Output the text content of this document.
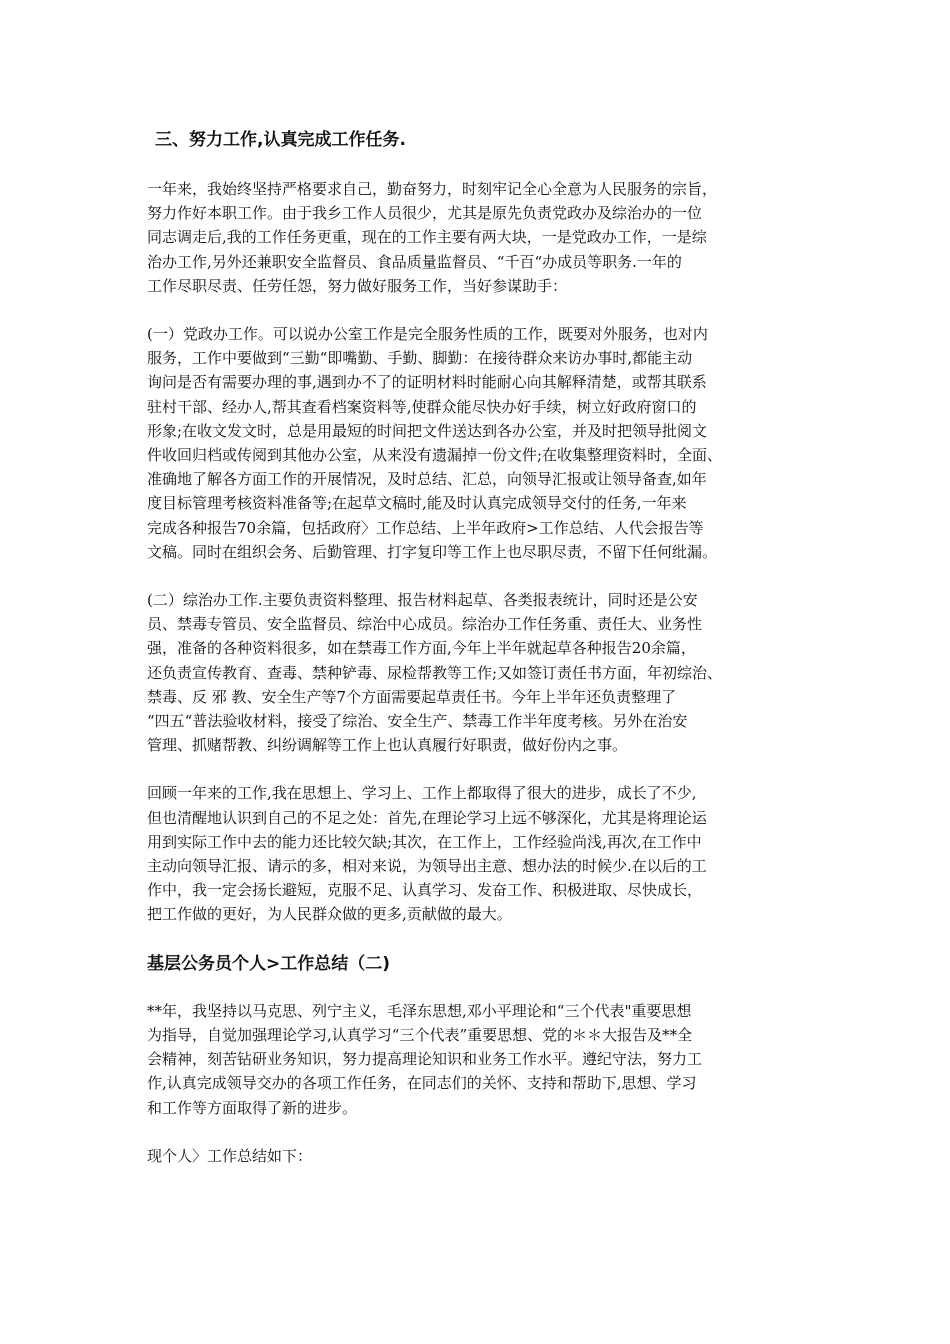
三、努力工作,认真完成工作任务.

一年来，我始终坚持严格要求自己，勤奋努力，时刻牢记全心全意为人民服务的宗旨，
努力作好本职工作。由于我乡工作人员很少，尤其是原先负责党政办及综治办的一位
同志调走后,我的工作任务更重，现在的工作主要有两大块，一是党政办工作，一是综
治办工作,另外还兼职安全监督员、食品质量监督员、“千百“办成员等职务.一年的
工作尽职尽责、任劳任怨，努力做好服务工作，当好参谋助手：

(一）党政办工作。可以说办公室工作是完全服务性质的工作，既要对外服务，也对内
服务，工作中要做到“三勤“即嘴勤、手勤、脚勤：在接待群众来访办事时,都能主动
询问是否有需要办理的事,遇到办不了的证明材料时能耐心向其解释清楚，或帮其联系
驻村干部、经办人,帮其查看档案资料等,使群众能尽快办好手续，树立好政府窗口的
形象;在收文发文时，总是用最短的时间把文件送达到各办公室，并及时把领导批阅文
件收回归档或传阅到其他办公室，从来没有遗漏掉一份文件;在收集整理资料时，全面、
准确地了解各方面工作的开展情况，及时总结、汇总，向领导汇报或让领导备查,如年
度目标管理考核资料准备等;在起草文稿时,能及时认真完成领导交付的任务,一年来
完成各种报告70余篇，包括政府〉工作总结、上半年政府>工作总结、人代会报告等
文稿。同时在组织会务、后勤管理、打字复印等工作上也尽职尽责，不留下任何纰漏。

(二）综治办工作.主要负责资料整理、报告材料起草、各类报表统计，同时还是公安
员、禁毒专管员、安全监督员、综治中心成员。综治办工作任务重、责任大、业务性
强，准备的各种资料很多，如在禁毒工作方面,今年上半年就起草各种报告20余篇，
还负责宣传教育、查毒、禁种铲毒、尿检帮教等工作;又如签订责任书方面，年初综治、
禁毒、反 邪 教、安全生产等7个方面需要起草责任书。今年上半年还负责整理了
“四五“普法验收材料，接受了综治、安全生产、禁毒工作半年度考核。另外在治安
管理、抓赌帮教、纠纷调解等工作上也认真履行好职责，做好份内之事。

回顾一年来的工作,我在思想上、学习上、工作上都取得了很大的进步，成长了不少,
但也清醒地认识到自己的不足之处：首先,在理论学习上远不够深化，尤其是将理论运
用到实际工作中去的能力还比较欠缺;其次，在工作上，工作经验尚浅,再次,在工作中
主动向领导汇报、请示的多，相对来说，为领导出主意、想办法的时候少.在以后的工
作中，我一定会扬长避短，克服不足、认真学习、发奋工作、积极进取、尽快成长，
把工作做的更好，为人民群众做的更多,贡献做的最大。

基层公务员个人>工作总结（二)

**年，我坚持以马克思、列宁主义，毛泽东思想,邓小平理论和“三个代表"重要思想
为指导，自觉加强理论学习,认真学习“三个代表”重要思想、党的＊＊大报告及**全
会精神，刻苦钻研业务知识，努力提高理论知识和业务工作水平。遵纪守法，努力工
作,认真完成领导交办的各项工作任务，在同志们的关怀、支持和帮助下,思想、学习
和工作等方面取得了新的进步。

现个人〉工作总结如下：
